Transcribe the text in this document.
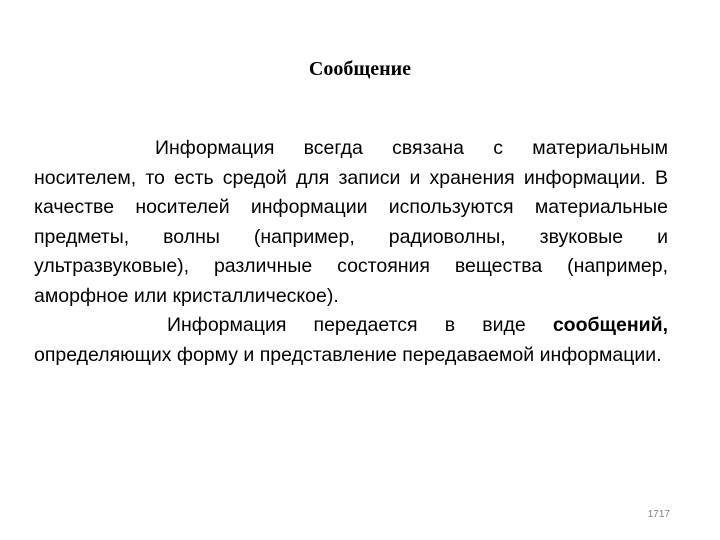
Сообщение

Информация всегда связана с материальным носителем, то есть средой для записи и хранения информации. В качестве носителей информации используются материальные предметы, волны (например, радиоволны, звуковые и ультразвуковые), различные состояния вещества (например, аморфное или кристаллическое).

Информация передается в виде сообщений, определяющих форму и представление передаваемой информации.

1717
